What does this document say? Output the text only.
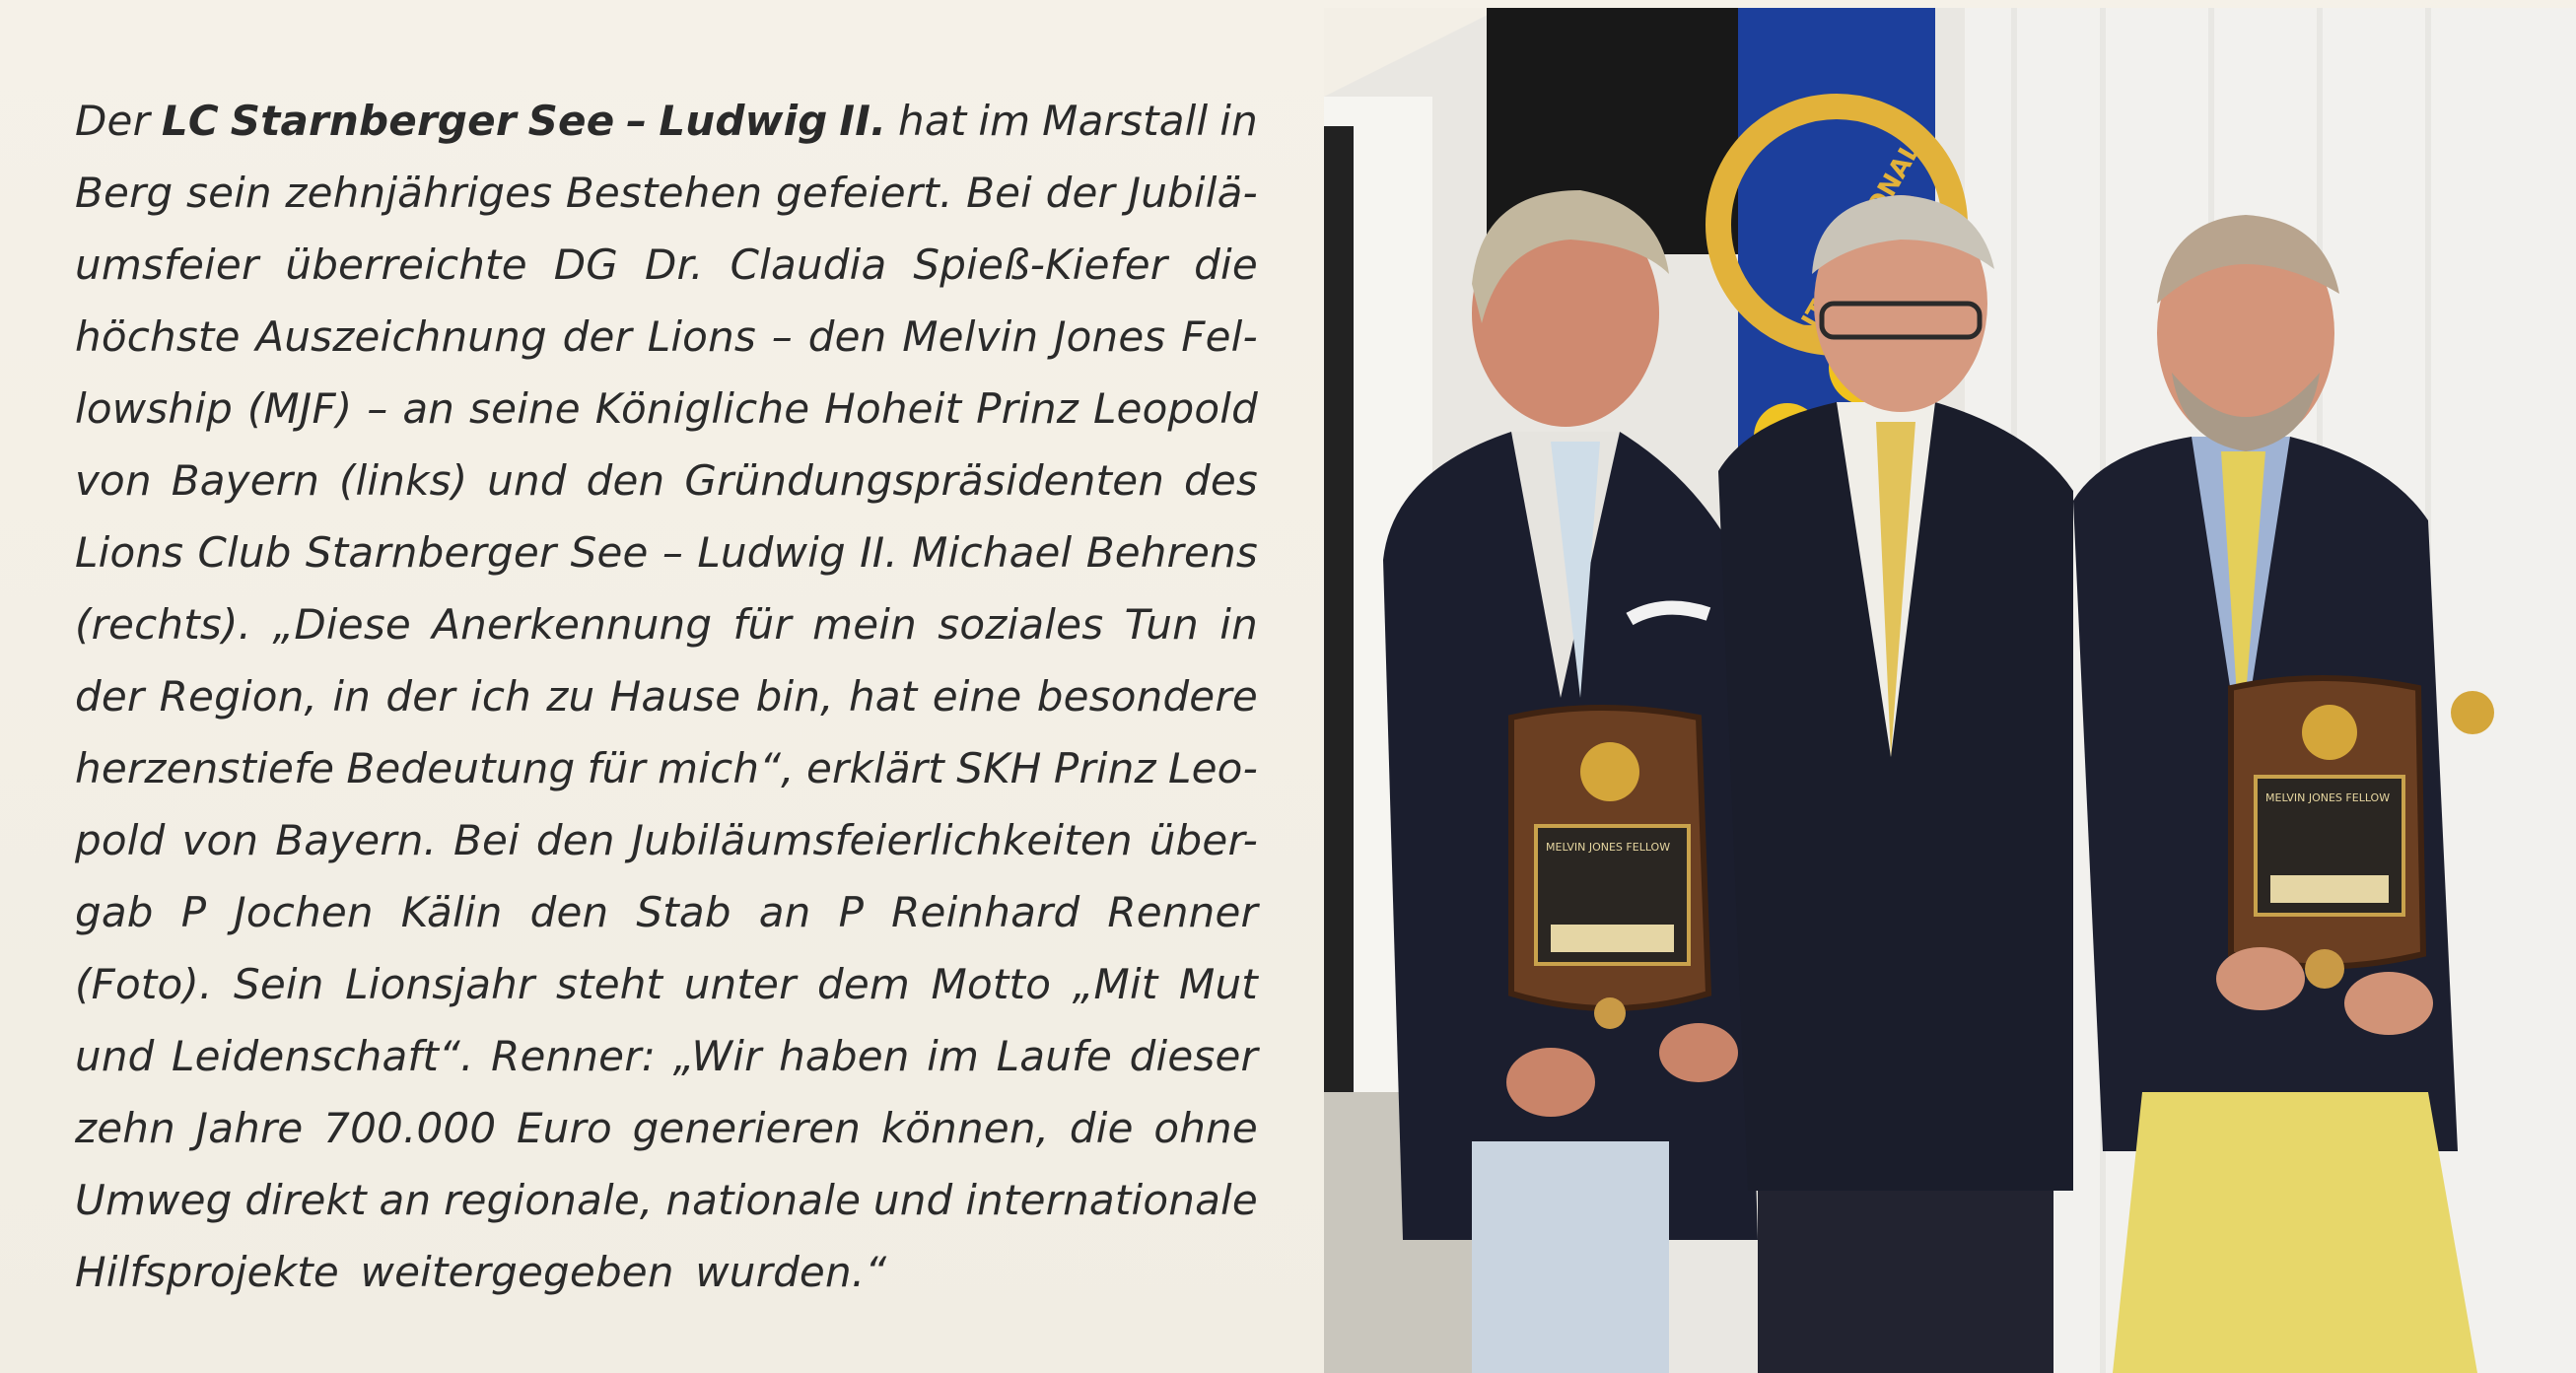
Der LC Starnberger See – Ludwig II. hat im Marstall in
Berg sein zehnjähriges Bestehen gefeiert. Bei der Jubilä-
umsfeier überreichte DG Dr. Claudia Spieß-Kiefer die
höchste Auszeichnung der Lions – den Melvin Jones Fel-
lowship (MJF) – an seine Königliche Hoheit Prinz Leopold
von Bayern (links) und den Gründungspräsidenten des
Lions Club Starnberger See – Ludwig II. Michael Behrens
(rechts). „Diese Anerkennung für mein soziales Tun in
der Region, in der ich zu Hause bin, hat eine besondere
herzenstiefe Bedeutung für mich“, erklärt SKH Prinz Leo-
pold von Bayern. Bei den Jubiläumsfeierlichkeiten über-
gab P Jochen Kälin den Stab an P Reinhard Renner
(Foto). Sein Lionsjahr steht unter dem Motto „Mit Mut
und Leidenschaft“. Renner: „Wir haben im Laufe dieser
zehn Jahre 700.000 Euro generieren können, die ohne
Umweg direkt an regionale, nationale und internationale
Hilfsprojekte weitergegeben wurden.“
MELVIN JONES FELLOW
MELVIN JONES FELLOW
